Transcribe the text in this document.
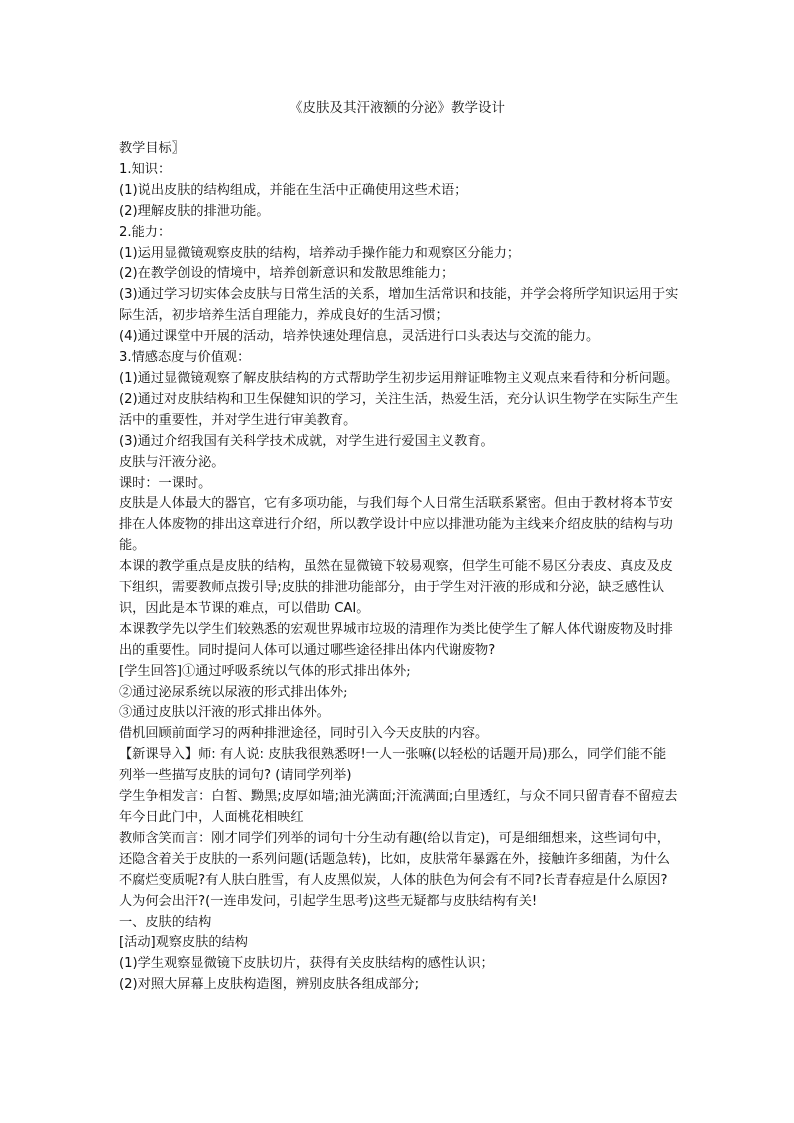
《皮肤及其汗液额的分泌》教学设计

教学目标〗

1.知识：

(1)说出皮肤的结构组成，并能在生活中正确使用这些术语；

(2)理解皮肤的排泄功能。

2.能力：

(1)运用显微镜观察皮肤的结构，培养动手操作能力和观察区分能力；

(2)在教学创设的情境中，培养创新意识和发散思维能力；

(3)通过学习切实体会皮肤与日常生活的关系，增加生活常识和技能，并学会将所学知识运用于实际生活，初步培养生活自理能力，养成良好的生活习惯；

(4)通过课堂中开展的活动，培养快速处理信息，灵活进行口头表达与交流的能力。

3.情感态度与价值观：

(1)通过显微镜观察了解皮肤结构的方式帮助学生初步运用辩证唯物主义观点来看待和分析问题。

(2)通过对皮肤结构和卫生保健知识的学习，关注生活，热爱生活，充分认识生物学在实际生产生活中的重要性，并对学生进行审美教育。

(3)通过介绍我国有关科学技术成就，对学生进行爱国主义教育。

皮肤与汗液分泌。

课时：一课时。

皮肤是人体最大的器官，它有多项功能，与我们每个人日常生活联系紧密。但由于教材将本节安排在人体废物的排出这章进行介绍，所以教学设计中应以排泄功能为主线来介绍皮肤的结构与功能。

本课的教学重点是皮肤的结构，虽然在显微镜下较易观察，但学生可能不易区分表皮、真皮及皮下组织，需要教师点拨引导;皮肤的排泄功能部分，由于学生对汗液的形成和分泌，缺乏感性认识，因此是本节课的难点，可以借助 CAI。

本课教学先以学生们较熟悉的宏观世界城市垃圾的清理作为类比使学生了解人体代谢废物及时排出的重要性。同时提问人体可以通过哪些途径排出体内代谢废物?

[学生回答]①通过呼吸系统以气体的形式排出体外;

②通过泌尿系统以尿液的形式排出体外;

③通过皮肤以汗液的形式排出体外。

借机回顾前面学习的两种排泄途径，同时引入今天皮肤的内容。

【新课导入】师: 有人说: 皮肤我很熟悉呀!一人一张嘛(以轻松的话题开局)那么，同学们能不能列举一些描写皮肤的词句? (请同学列举)

学生争相发言：白皙、黝黑;皮厚如墙;油光满面;汗流满面;白里透红，与众不同只留青春不留痘去年今日此门中，人面桃花相映红

教师含笑而言：刚才同学们列举的词句十分生动有趣(给以肯定)，可是细细想来，这些词句中，还隐含着关于皮肤的一系列问题(话题急转)，比如，皮肤常年暴露在外，接触许多细菌，为什么不腐烂变质呢?有人肤白胜雪，有人皮黑似炭，人体的肤色为何会有不同?长青春痘是什么原因?人为何会出汗?(一连串发问，引起学生思考)这些无疑都与皮肤结构有关!

一、皮肤的结构

[活动]观察皮肤的结构

(1)学生观察显微镜下皮肤切片，获得有关皮肤结构的感性认识；

(2)对照大屏幕上皮肤构造图，辨别皮肤各组成部分;
